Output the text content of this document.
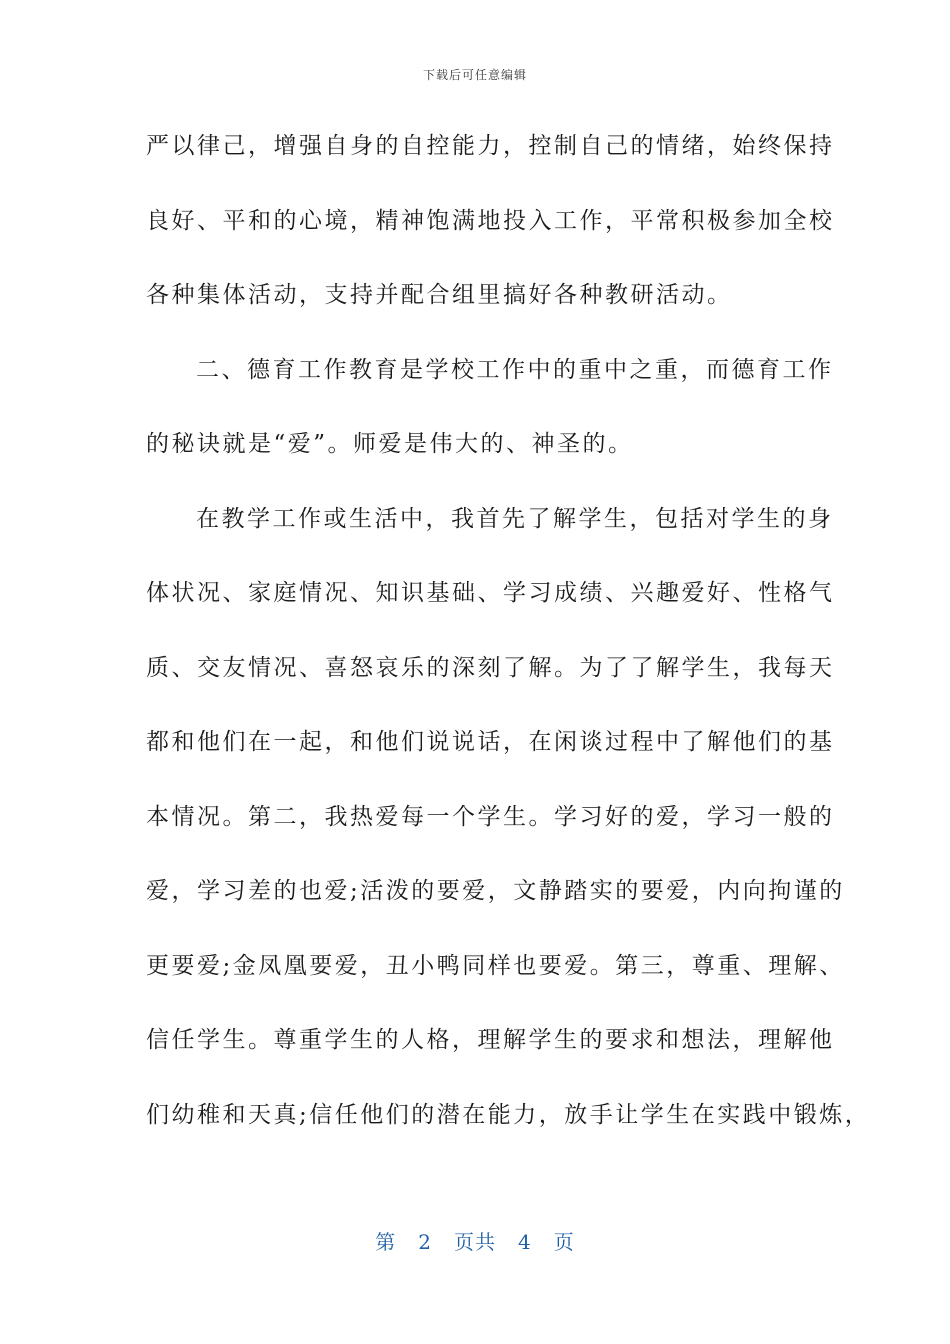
下载后可任意编辑
严以律己，增强自身的自控能力，控制自己的情绪，始终保持
良好、平和的心境，精神饱满地投入工作，平常积极参加全校
各种集体活动，支持并配合组里搞好各种教研活动。
二、德育工作教育是学校工作中的重中之重，而德育工作
的秘诀就是“爱”。师爱是伟大的、神圣的。
在教学工作或生活中，我首先了解学生，包括对学生的身
体状况、家庭情况、知识基础、学习成绩、兴趣爱好、性格气
质、交友情况、喜怒哀乐的深刻了解。为了了解学生，我每天
都和他们在一起，和他们说说话，在闲谈过程中了解他们的基
本情况。第二，我热爱每一个学生。学习好的爱，学习一般的
爱，学习差的也爱;活泼的要爱，文静踏实的要爱，内向拘谨的
更要爱;金凤凰要爱，丑小鸭同样也要爱。第三，尊重、理解、
信任学生。尊重学生的人格，理解学生的要求和想法，理解他
们幼稚和天真;信任他们的潜在能力，放手让学生在实践中锻炼，
第 2 页共 4 页
